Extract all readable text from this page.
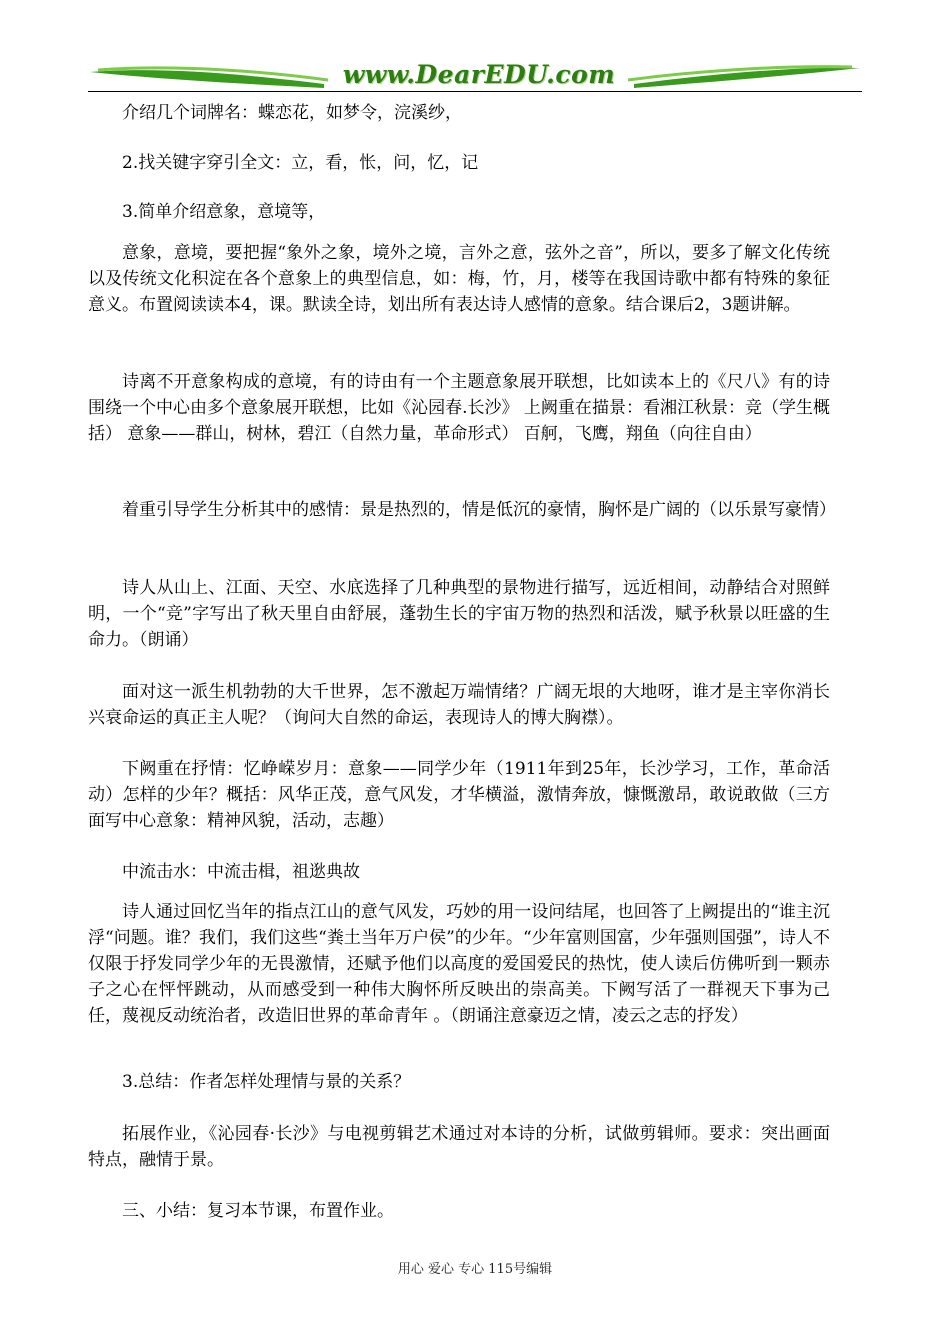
www.DearEDU.com

介绍几个词牌名：蝶恋花，如梦令，浣溪纱，

2.找关键字穿引全文：立，看，怅，问，忆，记

3.简单介绍意象，意境等，

意象，意境，要把握“象外之象，境外之境，言外之意，弦外之音”，所以，要多了解文化传统以及传统文化积淀在各个意象上的典型信息，如：梅，竹，月，楼等在我国诗歌中都有特殊的象征意义。布置阅读读本4，课。默读全诗，划出所有表达诗人感情的意象。结合课后2，3题讲解。

诗离不开意象构成的意境，有的诗由有一个主题意象展开联想，比如读本上的《尺八》有的诗围绕一个中心由多个意象展开联想，比如《沁园春.长沙》 上阙重在描景：看湘江秋景：竞（学生概括） 意象——群山，树林，碧江（自然力量，革命形式） 百舸，飞鹰，翔鱼（向往自由）

着重引导学生分析其中的感情：景是热烈的，情是低沉的豪情，胸怀是广阔的（以乐景写豪情）

诗人从山上、江面、天空、水底选择了几种典型的景物进行描写，远近相间，动静结合对照鲜明，一个“竞”字写出了秋天里自由舒展，蓬勃生长的宇宙万物的热烈和活泼，赋予秋景以旺盛的生命力。（朗诵）

面对这一派生机勃勃的大千世界，怎不激起万端情绪？广阔无垠的大地呀，谁才是主宰你消长兴衰命运的真正主人呢？（询问大自然的命运，表现诗人的博大胸襟）。

下阙重在抒情：忆峥嵘岁月：意象——同学少年（1911年到25年，长沙学习，工作，革命活动）怎样的少年？概括：风华正茂，意气风发，才华横溢，激情奔放，慷慨激昂，敢说敢做（三方面写中心意象：精神风貌，活动，志趣）

中流击水：中流击楫，祖逖典故

诗人通过回忆当年的指点江山的意气风发，巧妙的用一设问结尾，也回答了上阙提出的“谁主沉浮“问题。谁？我们，我们这些“粪土当年万户侯”的少年。“少年富则国富，少年强则国强”，诗人不仅限于抒发同学少年的无畏激情，还赋予他们以高度的爱国爱民的热忱，使人读后仿佛听到一颗赤子之心在怦怦跳动，从而感受到一种伟大胸怀所反映出的崇高美。下阙写活了一群视天下事为己任，蔑视反动统治者，改造旧世界的革命青年 。（朗诵注意豪迈之情，凌云之志的抒发）

3.总结：作者怎样处理情与景的关系？

拓展作业，《沁园春·长沙》与电视剪辑艺术通过对本诗的分析，试做剪辑师。要求：突出画面特点，融情于景。

三、小结：复习本节课，布置作业。

用心 爱心 专心 115号编辑
